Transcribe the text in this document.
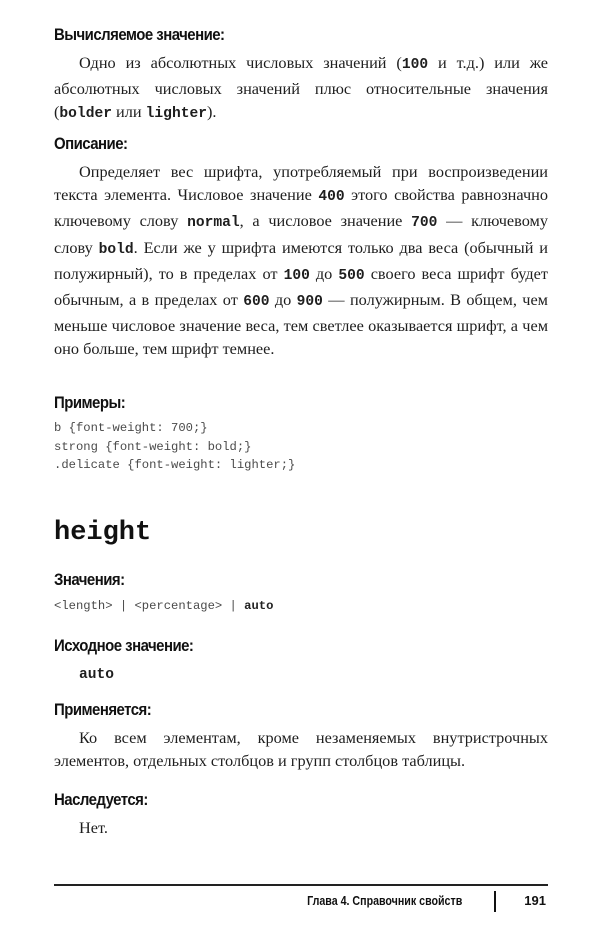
Вычисляемое значение:

Одно из абсолютных числовых значений (100 и т.д.) или же абсолютных числовых значений плюс относительные значения (bolder или lighter).

Описание:

Определяет вес шрифта, употребляемый при воспроизведении текста элемента. Числовое значение 400 этого свойства равнозначно ключевому слову normal, а числовое значение 700 — ключевому слову bold. Если же у шрифта имеются только два веса (обычный и полужирный), то в пределах от 100 до 500 своего веса шрифт будет обычным, а в пределах от 600 до 900 — полужирным. В общем, чем меньше числовое значение веса, тем светлее оказывается шрифт, а чем оно больше, тем шрифт темнее.

Примеры:
b {font-weight: 700;}
strong {font-weight: bold;}
.delicate {font-weight: lighter;}
height
Значения:

<length> | <percentage> | auto

Исходное значение:

auto

Применяется:

Ко всем элементам, кроме незаменяемых внутристрочных элементов, отдельных столбцов и групп столбцов таблицы.

Наследуется:

Нет.

Глава 4. Справочник свойств	191
